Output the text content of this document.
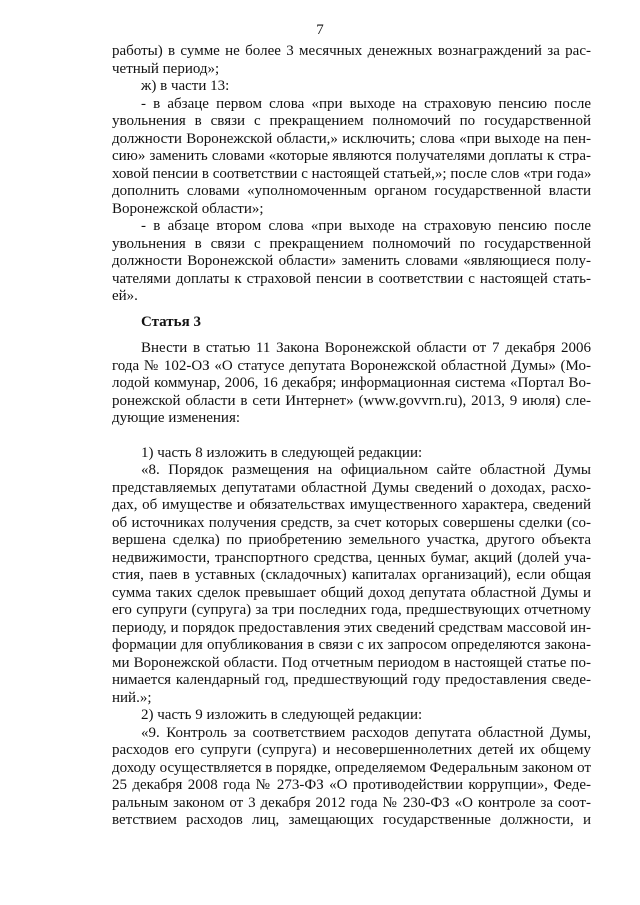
7
работы) в сумме не более 3 месячных денежных вознаграждений за рас-
четный период»;
ж) в части 13:
- в абзаце первом слова «при выходе на страховую пенсию после
увольнения в связи с прекращением полномочий по государственной
должности Воронежской области,» исключить; слова «при выходе на пен-
сию» заменить словами «которые являются получателями доплаты к стра-
ховой пенсии в соответствии с настоящей статьей,»; после слов «три года»
дополнить словами «уполномоченным органом государственной власти
Воронежской области»;
- в абзаце втором слова «при выходе на страховую пенсию после
увольнения в связи с прекращением полномочий по государственной
должности Воронежской области» заменить словами «являющиеся полу-
чателями доплаты к страховой пенсии в соответствии с настоящей стать-
ей».
Статья 3
Внести в статью 11 Закона Воронежской области от 7 декабря 2006
года № 102-ОЗ «О статусе депутата Воронежской областной Думы» (Мо-
лодой коммунар, 2006, 16 декабря; информационная система «Портал Во-
ронежской области в сети Интернет» (www.govvrn.ru), 2013, 9 июля) сле-
дующие изменения:
1) часть 8 изложить в следующей редакции:
«8. Порядок размещения на официальном сайте областной Думы
представляемых депутатами областной Думы сведений о доходах, расхо-
дах, об имуществе и обязательствах имущественного характера, сведений
об источниках получения средств, за счет которых совершены сделки (со-
вершена сделка) по приобретению земельного участка, другого объекта
недвижимости, транспортного средства, ценных бумаг, акций (долей уча-
стия, паев в уставных (складочных) капиталах организаций), если общая
сумма таких сделок превышает общий доход депутата областной Думы и
его супруги (супруга) за три последних года, предшествующих отчетному
периоду, и порядок предоставления этих сведений средствам массовой ин-
формации для опубликования в связи с их запросом определяются закона-
ми Воронежской области. Под отчетным периодом в настоящей статье по-
нимается календарный год, предшествующий году предоставления сведе-
ний.»;
2) часть 9 изложить в следующей редакции:
«9. Контроль за соответствием расходов депутата областной Думы,
расходов его супруги (супруга) и несовершеннолетних детей их общему
доходу осуществляется в порядке, определяемом Федеральным законом от
25 декабря 2008 года № 273-ФЗ «О противодействии коррупции», Феде-
ральным законом от 3 декабря 2012 года № 230-ФЗ «О контроле за соот-
ветствием расходов лиц, замещающих государственные должности, и
